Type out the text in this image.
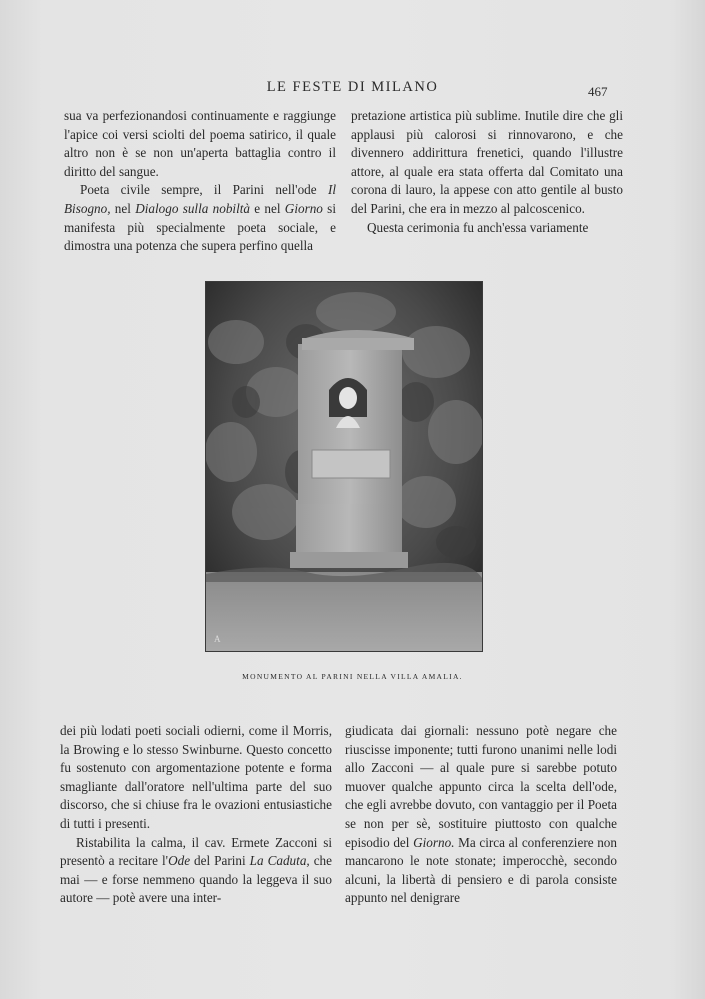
LE FESTE DI MILANO	467

sua va perfezionandosi continuamente e raggiunge l'apice coi versi sciolti del poema satirico, il quale altro non è se non un'aperta battaglia contro il diritto del sangue.

Poeta civile sempre, il Parini nell'ode Il Bisogno, nel Dialogo sulla nobiltà e nel Giorno si manifesta più specialmente poeta sociale, e dimostra una potenza che supera perfino quella

pretazione artistica più sublime. Inutile dire che gli applausi più calorosi si rinnovarono, e che divennero addirittura frenetici, quando l'illustre attore, al quale era stata offerta dal Comitato una corona di lauro, la appese con atto gentile al busto del Parini, che era in mezzo al palcoscenico.

Questa cerimonia fu anch'essa variamente

A
MONUMENTO AL PARINI NELLA VILLA AMALIA.

dei più lodati poeti sociali odierni, come il Morris, la Browing e lo stesso Swinburne. Questo concetto fu sostenuto con argomentazione potente e forma smagliante dall'oratore nell'ultima parte del suo discorso, che si chiuse fra le ovazioni entusiastiche di tutti i presenti.

Ristabilita la calma, il cav. Ermete Zacconi si presentò a recitare l'Ode del Parini La Caduta, che mai — e forse nemmeno quando la leggeva il suo autore — potè avere una inter-

giudicata dai giornali: nessuno potè negare che riuscisse imponente; tutti furono unanimi nelle lodi allo Zacconi — al quale pure si sarebbe potuto muover qualche appunto circa la scelta dell'ode, che egli avrebbe dovuto, con vantaggio per il Poeta se non per sè, sostituire piuttosto con qualche episodio del Giorno. Ma circa al conferenziere non mancarono le note stonate; imperocchè, secondo alcuni, la libertà di pensiero e di parola consiste appunto nel denigrare
